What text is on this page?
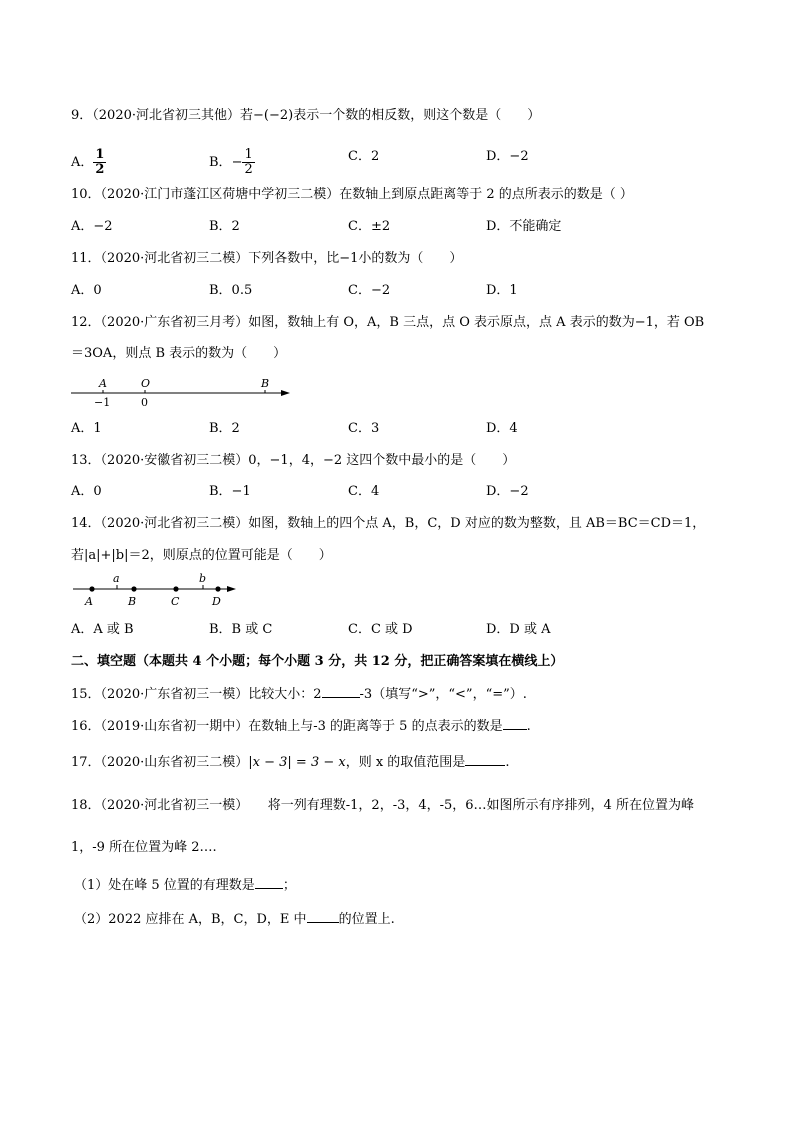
9．（2020·河北省初三其他）若−(−2)表示一个数的相反数，则这个数是（　　）
A． $\frac{1}{2}$	B．− $\frac{1}{2}$	C．2	D．−2
10．（2020·江门市蓬江区荷塘中学初三二模）在数轴上到原点距离等于 2 的点所表示的数是（ ）
A．−2	B．2	C．±2	D．不能确定
11．（2020·河北省初三二模）下列各数中，比−1小的数为（　　）
A．0	B．0.5	C．−2	D．1
12．（2020·广东省初三月考）如图，数轴上有 O，A，B 三点，点 O 表示原点，点 A 表示的数为−1，若 OB
＝3OA，则点 B 表示的数为（　　）
A	O	B
−1	0
A．1	B．2	C．3	D．4
13．（2020·安徽省初三二模）0，−1，4，−2 这四个数中最小的是（　　）
A．0	B．−1	C．4	D．−2
14．（2020·河北省初三二模）如图，数轴上的四个点 A，B，C，D 对应的数为整数，且 AB＝BC＝CD＝1，
若|a|+|b|＝2，则原点的位置可能是（　　）
a	b
A	B	C	D
A．A 或 B	B．B 或 C	C．C 或 D	D．D 或 A
二、填空题（本题共 4 个小题；每个小题 3 分，共 12 分，把正确答案填在横线上）
15．（2020·广东省初三一模）比较大小：2	-3（填写“>”，“<”，“=”）.
16．（2019·山东省初一期中）在数轴上与-3 的距离等于 5 的点表示的数是 .
17．（2020·山东省初三二模）|x − 3| = 3 − x，则 x 的取值范围是	.
18．（2020·河北省初三一模）　　将一列有理数-1，2，-3，4，-5，6…如图所示有序排列，4 所在位置为峰
1，-9 所在位置为峰 2….
（1）处在峰 5 位置的有理数是 ；
（2）2022 应排在 A，B，C，D，E 中 的位置上.
